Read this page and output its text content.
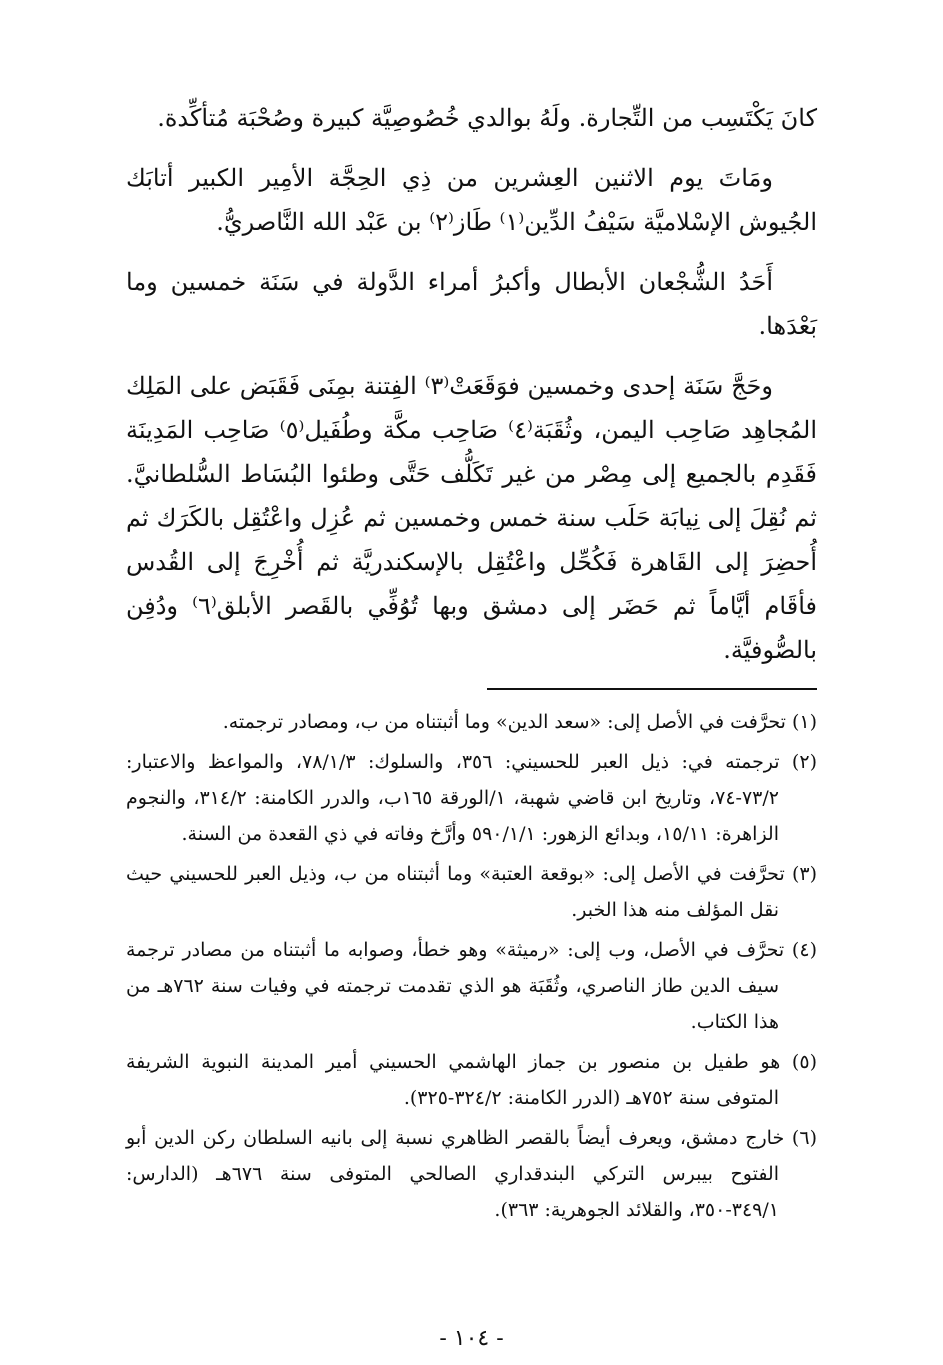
كانَ يَكْتَسِب من التِّجارة. ولَهُ بوالدي خُصُوصِيَّة كبيرة وصُحْبَة مُتأكِّدة.

ومَاتَ يوم الاثنين العِشرين من ذِي الحِجَّة الأمِير الكبير أتابَك الجُيوش الإسْلاميَّة سَيْفُ الدِّين⁽١⁾ طَاز⁽٢⁾ بن عَبْد الله النَّاصريُّ.

أَحَدُ الشُّجْعان الأبطال وأكبرُ أمراء الدَّولة في سَنَة خمسين وما بَعْدَها.

وحَجَّ سَنَة إحدى وخمسين فوَقَعَتْ⁽٣⁾ الفِتنة بمِنَى فَقَبَض على المَلِك المُجاهِد صَاحِب اليمن، وثُقَبَة⁽٤⁾ صَاحِب مكَّة وطُفَيل⁽٥⁾ صَاحِب المَدِينَة فَقَدِم بالجميع إلى مِصْر من غير تَكَلُّف حَتَّى وطئوا البُسَاط السُّلطانيَّ. ثم نُقِلَ إلى نِيابَة حَلَب سنة خمس وخمسين ثم عُزِل واعْتُقِل بالكَرَك ثم أُحضِرَ إلى القَاهرة فَكُحِّل واعْتُقِل بالإسكندريَّة ثم أُخْرِجَ إلى القُدس فأقَام أيَّاماً ثم حَضَر إلى دمشق وبها تُوُفِّي بالقَصر الأبلق⁽٦⁾ ودُفِن بالصُّوفيَّة.

(١) تحرَّفت في الأصل إلى: «سعد الدين» وما أثبتناه من ب، ومصادر ترجمته.

(٢) ترجمته في: ذيل العبر للحسيني: ٣٥٦، والسلوك: ٧٨/١/٣، والمواعظ والاعتبار: ٧٣/٢-٧٤، وتاريخ ابن قاضي شهبة، ١/الورقة ١٦٥ب، والدرر الكامنة: ٣١٤/٢، والنجوم الزاهرة: ١٥/١١، وبدائع الزهور: ٥٩٠/١/١ وأرَّخ وفاته في ذي القعدة من السنة.

(٣) تحرَّفت في الأصل إلى: «بوقعة العتبة» وما أثبتناه من ب، وذيل العبر للحسيني حيث نقل المؤلف منه هذا الخبر.

(٤) تحرَّف في الأصل، وب إلى: «رميثة» وهو خطأ، وصوابه ما أثبتناه من مصادر ترجمة سيف الدين طاز الناصري، وثُقَبَة هو الذي تقدمت ترجمته في وفيات سنة ٧٦٢هـ من هذا الكتاب.

(٥) هو طفيل بن منصور بن جماز الهاشمي الحسيني أمير المدينة النبوية الشريفة المتوفى سنة ٧٥٢هـ (الدرر الكامنة: ٣٢٤/٢-٣٢٥).

(٦) خارج دمشق، ويعرف أيضاً بالقصر الظاهري نسبة إلى بانيه السلطان ركن الدين أبو الفتوح بيبرس التركي البندقداري الصالحي المتوفى سنة ٦٧٦هـ (الدارس: ٣٤٩/١-٣٥٠، والقلائد الجوهرية: ٣٦٣).

- ١٠٤ -
